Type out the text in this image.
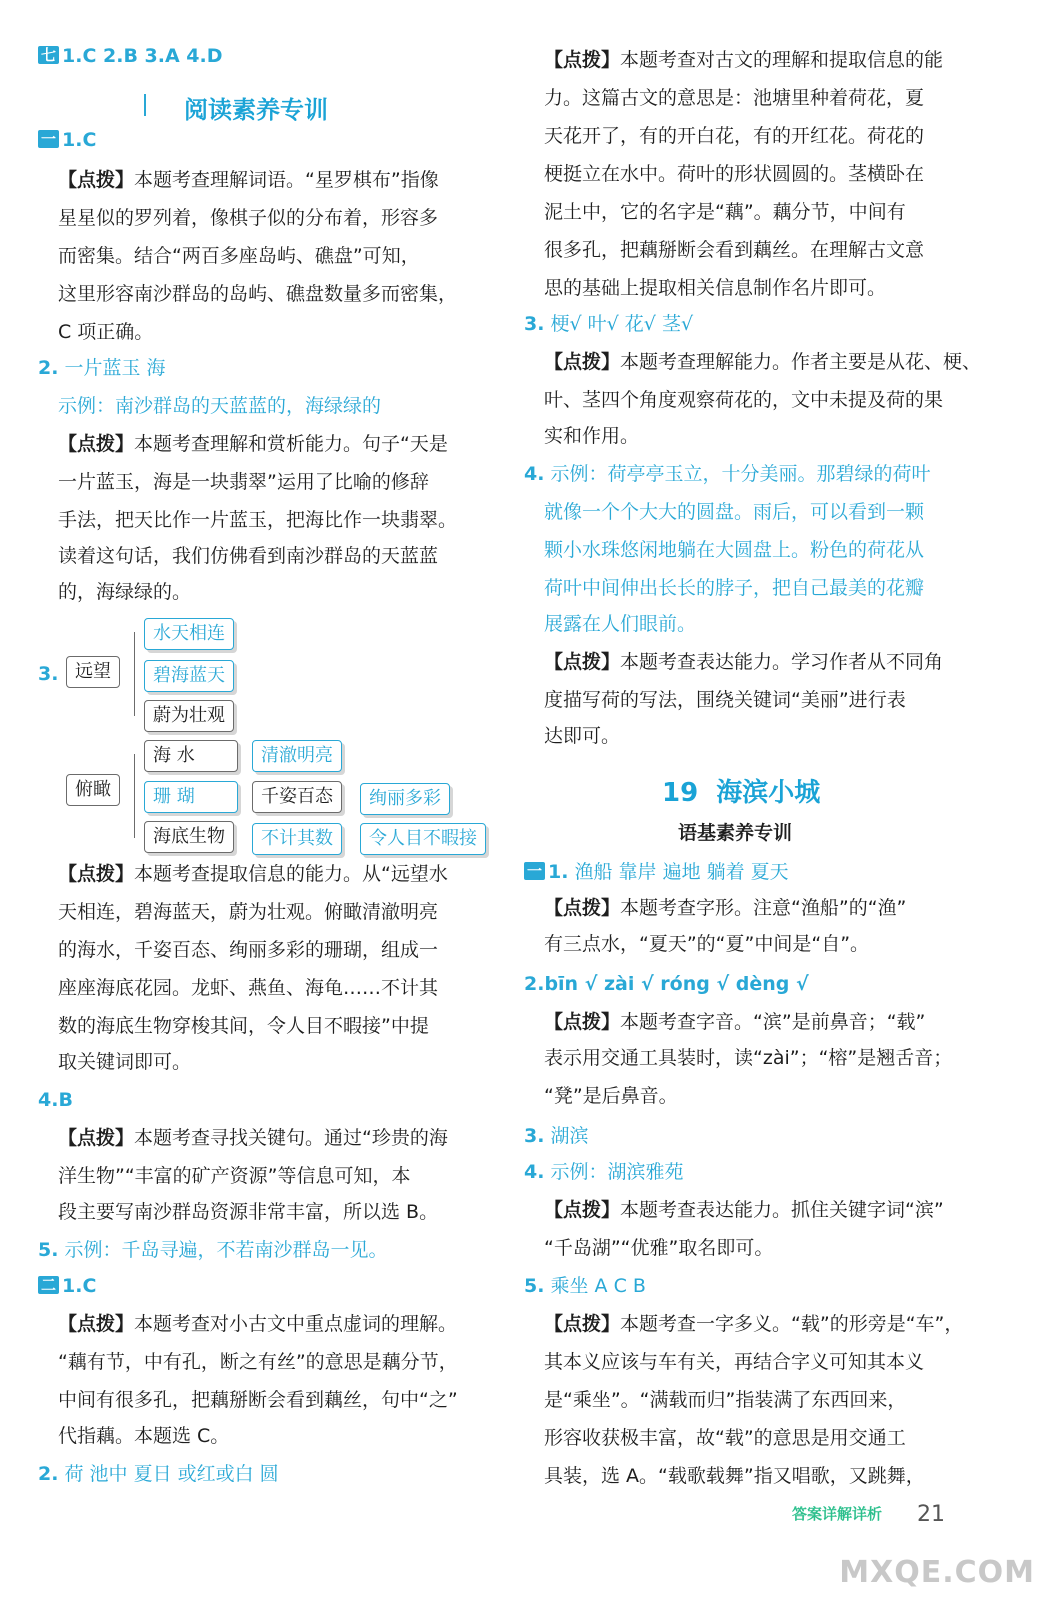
七 1.C 2.B 3.A 4.D
阅读素养专训
一 1.C
【点拨】本题考查理解词语。“星罗棋布”指像
星星似的罗列着，像棋子似的分布着，形容多
而密集。结合“两百多座岛屿、礁盘”可知，
这里形容南沙群岛的岛屿、礁盘数量多而密集，
C 项正确。
2. 一片蓝玉 海
示例：南沙群岛的天蓝蓝的，海绿绿的
【点拨】本题考查理解和赏析能力。句子“天是
一片蓝玉，海是一块翡翠”运用了比喻的修辞
手法，把天比作一片蓝玉，把海比作一块翡翠。
读着这句话，我们仿佛看到南沙群岛的天蓝蓝
的，海绿绿的。
3. 远望
水天相连
碧海蓝天
蔚为壮观
俯瞰
海 水	清澈明亮
珊 瑚	千姿百态	绚丽多彩
海底生物	不计其数	令人目不暇接
【点拨】本题考查提取信息的能力。从“远望水
天相连，碧海蓝天，蔚为壮观。俯瞰清澈明亮
的海水，千姿百态、绚丽多彩的珊瑚，组成一
座座海底花园。龙虾、燕鱼、海龟……不计其
数的海底生物穿梭其间，令人目不暇接”中提
取关键词即可。
4.B
【点拨】本题考查寻找关键句。通过“珍贵的海
洋生物”“丰富的矿产资源”等信息可知，本
段主要写南沙群岛资源非常丰富，所以选 B。
5. 示例：千岛寻遍，不若南沙群岛一见。
二 1.C
【点拨】本题考查对小古文中重点虚词的理解。
“藕有节，中有孔，断之有丝”的意思是藕分节，
中间有很多孔，把藕掰断会看到藕丝，句中“之”
代指藕。本题选 C。
2. 荷 池中 夏日 或红或白 圆
【点拨】本题考查对古文的理解和提取信息的能
力。这篇古文的意思是：池塘里种着荷花，夏
天花开了，有的开白花，有的开红花。荷花的
梗挺立在水中。荷叶的形状圆圆的。茎横卧在
泥土中，它的名字是“藕”。藕分节，中间有
很多孔，把藕掰断会看到藕丝。在理解古文意
思的基础上提取相关信息制作名片即可。
3. 梗√ 叶√ 花√ 茎√
【点拨】本题考查理解能力。作者主要是从花、梗、
叶、茎四个角度观察荷花的，文中未提及荷的果
实和作用。
4. 示例：荷亭亭玉立，十分美丽。那碧绿的荷叶
就像一个个大大的圆盘。雨后，可以看到一颗
颗小水珠悠闲地躺在大圆盘上。粉色的荷花从
荷叶中间伸出长长的脖子，把自己最美的花瓣
展露在人们眼前。
【点拨】本题考查表达能力。学习作者从不同角
度描写荷的写法，围绕关键词“美丽”进行表
达即可。
19 海滨小城
语基素养专训
一 1. 渔船 靠岸 遍地 躺着 夏天
【点拨】本题考查字形。注意“渔船”的“渔”
有三点水，“夏天”的“夏”中间是“自”。
2.bīn √ zài √ róng √ dèng √
【点拨】本题考查字音。“滨”是前鼻音；“载”
表示用交通工具装时，读“zài”；“榕”是翘舌音；
“凳”是后鼻音。
3. 湖滨
4. 示例：湖滨雅苑
【点拨】本题考查表达能力。抓住关键字词“滨”
“千岛湖”“优雅”取名即可。
5. 乘坐 A C B
【点拨】本题考查一字多义。“载”的形旁是“车”，
其本义应该与车有关，再结合字义可知其本义
是“乘坐”。“满载而归”指装满了东西回来，
形容收获极丰富，故“载”的意思是用交通工
具装，选 A。“载歌载舞”指又唱歌，又跳舞，
答案详解详析 21
MXQE.COM
